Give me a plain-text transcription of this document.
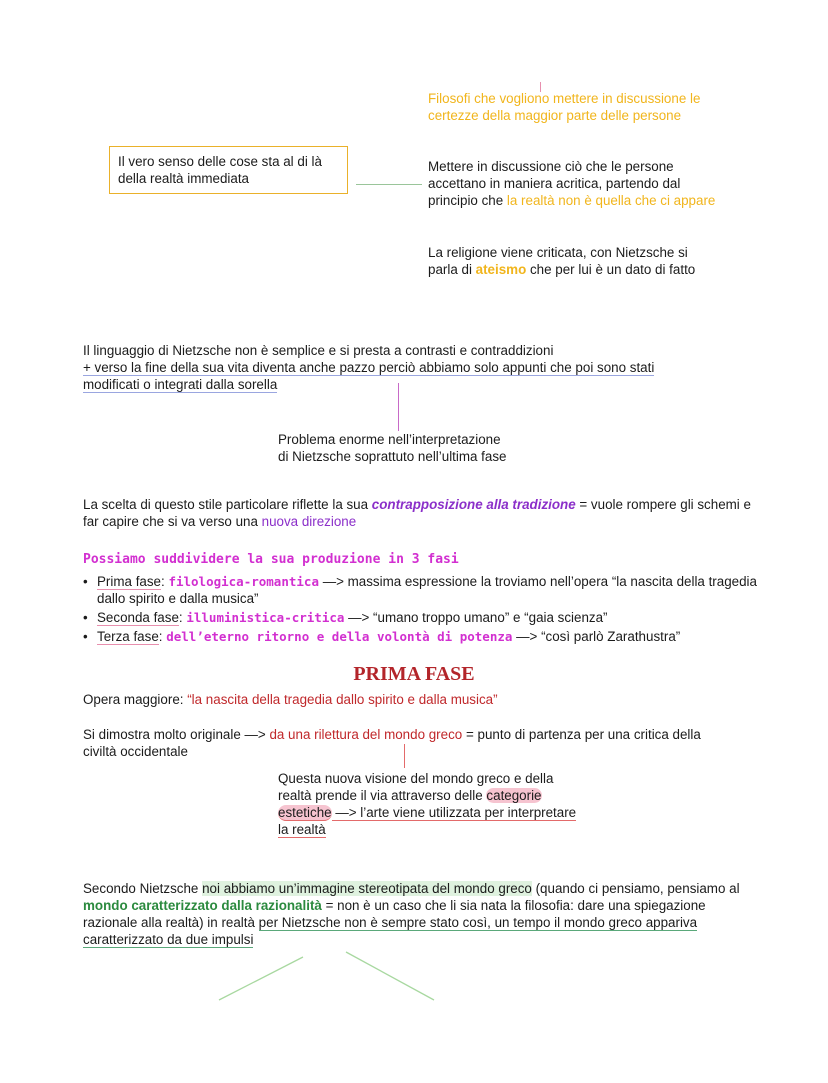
Filosofi che vogliono mettere in discussione le certezze della maggior parte delle persone
Mettere in discussione ciò che le persone accettano in maniera acritica, partendo dal principio che la realtà non è quella che ci appare
La religione viene criticata, con Nietzsche si parla di ateismo che per lui è un dato di fatto
Il vero senso delle cose sta al di là della realtà immediata
Il linguaggio di Nietzsche non è semplice e si presta a contrasti e contraddizioni
+ verso la fine della sua vita diventa anche pazzo perciò abbiamo solo appunti che poi sono stati
modificati o integrati dalla sorella
Problema enorme nell’interpretazione
di Nietzsche soprattuto nell’ultima fase
La scelta di questo stile particolare riflette la sua contrapposizione alla tradizione = vuole rompere gli schemi e far capire che si va verso una nuova direzione
Possiamo suddividere la sua produzione in 3 fasi
• Prima fase: filologica-romantica —> massima espressione la troviamo nell’opera “la nascita della tragedia dallo spirito e dalla musica”
• Seconda fase: illuministica-critica —> “umano troppo umano” e “gaia scienza”
• Terza fase: dell’eterno ritorno e della volontà di potenza —> “così parlò Zarathustra”
PRIMA FASE
Opera maggiore: “la nascita della tragedia dallo spirito e dalla musica”
Si dimostra molto originale —> da una rilettura del mondo greco = punto di partenza per una critica della civiltà occidentale
Questa nuova visione del mondo greco e della realtà prende il via attraverso delle categorie estetiche —> l’arte viene utilizzata per interpretare la realtà
Secondo Nietzsche noi abbiamo un’immagine stereotipata del mondo greco (quando ci pensiamo, pensiamo al mondo caratterizzato dalla razionalità = non è un caso che li sia nata la filosofia: dare una spiegazione razionale alla realtà) in realtà per Nietzsche non è sempre stato così, un tempo il mondo greco appariva caratterizzato da due impulsi
